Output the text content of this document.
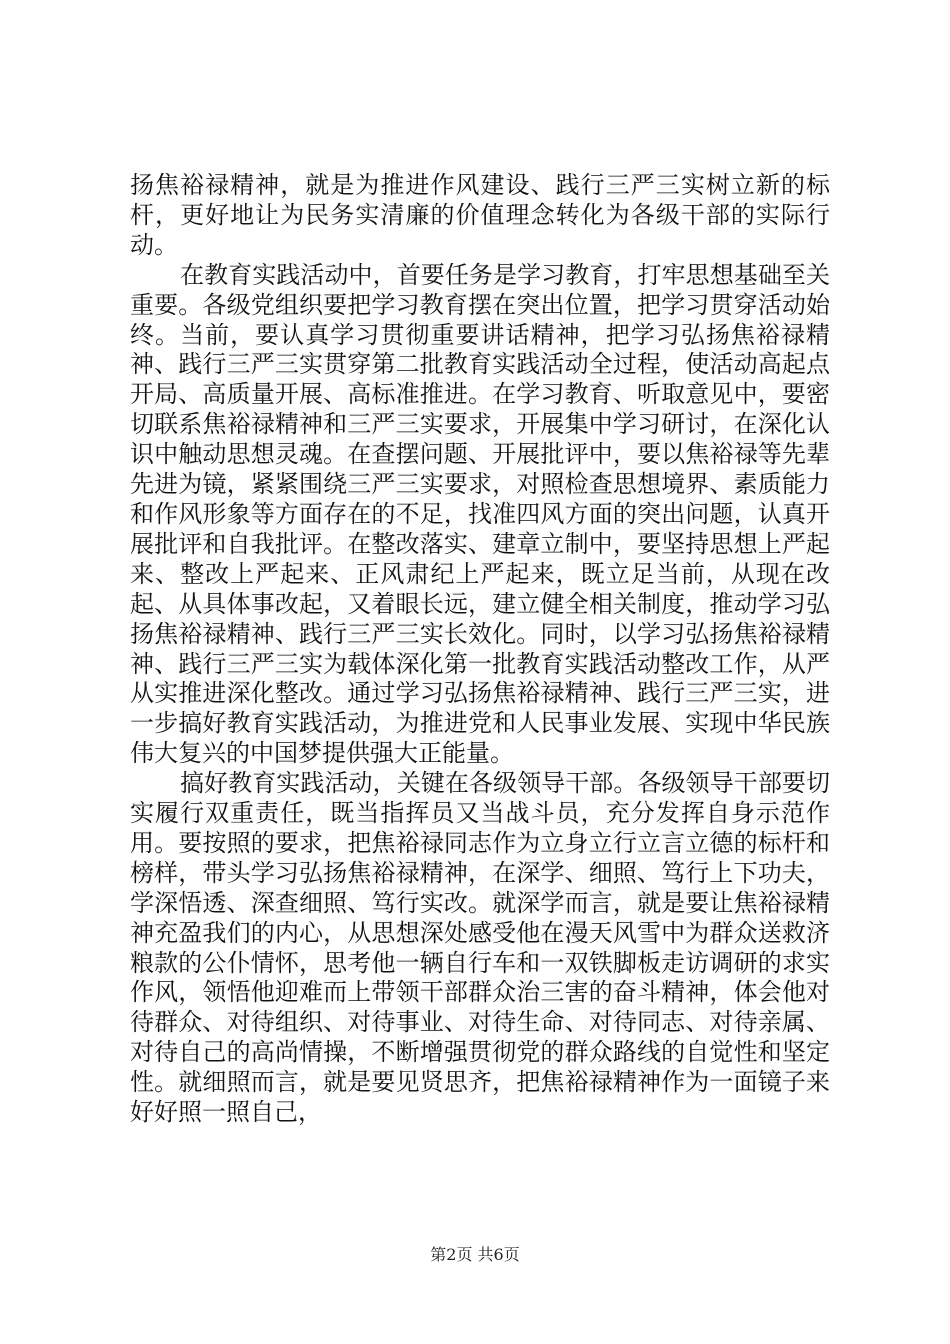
扬焦裕禄精神，就是为推进作风建设、践行三严三实树立新的标杆，更好地让为民务实清廉的价值理念转化为各级干部的实际行动。

在教育实践活动中，首要任务是学习教育，打牢思想基础至关重要。各级党组织要把学习教育摆在突出位置，把学习贯穿活动始终。当前，要认真学习贯彻重要讲话精神，把学习弘扬焦裕禄精神、践行三严三实贯穿第二批教育实践活动全过程，使活动高起点开局、高质量开展、高标准推进。在学习教育、听取意见中，要密切联系焦裕禄精神和三严三实要求，开展集中学习研讨，在深化认识中触动思想灵魂。在查摆问题、开展批评中，要以焦裕禄等先辈先进为镜，紧紧围绕三严三实要求，对照检查思想境界、素质能力和作风形象等方面存在的不足，找准四风方面的突出问题，认真开展批评和自我批评。在整改落实、建章立制中，要坚持思想上严起来、整改上严起来、正风肃纪上严起来，既立足当前，从现在改起、从具体事改起，又着眼长远，建立健全相关制度，推动学习弘扬焦裕禄精神、践行三严三实长效化。同时，以学习弘扬焦裕禄精神、践行三严三实为载体深化第一批教育实践活动整改工作，从严从实推进深化整改。通过学习弘扬焦裕禄精神、践行三严三实，进一步搞好教育实践活动，为推进党和人民事业发展、实现中华民族伟大复兴的中国梦提供强大正能量。

搞好教育实践活动，关键在各级领导干部。各级领导干部要切实履行双重责任，既当指挥员又当战斗员，充分发挥自身示范作用。要按照的要求，把焦裕禄同志作为立身立行立言立德的标杆和榜样，带头学习弘扬焦裕禄精神，在深学、细照、笃行上下功夫，学深悟透、深查细照、笃行实改。就深学而言，就是要让焦裕禄精神充盈我们的内心，从思想深处感受他在漫天风雪中为群众送救济粮款的公仆情怀，思考他一辆自行车和一双铁脚板走访调研的求实作风，领悟他迎难而上带领干部群众治三害的奋斗精神，体会他对待群众、对待组织、对待事业、对待生命、对待同志、对待亲属、对待自己的高尚情操，不断增强贯彻党的群众路线的自觉性和坚定性。就细照而言，就是要见贤思齐，把焦裕禄精神作为一面镜子来好好照一照自己，

第2页 共6页
